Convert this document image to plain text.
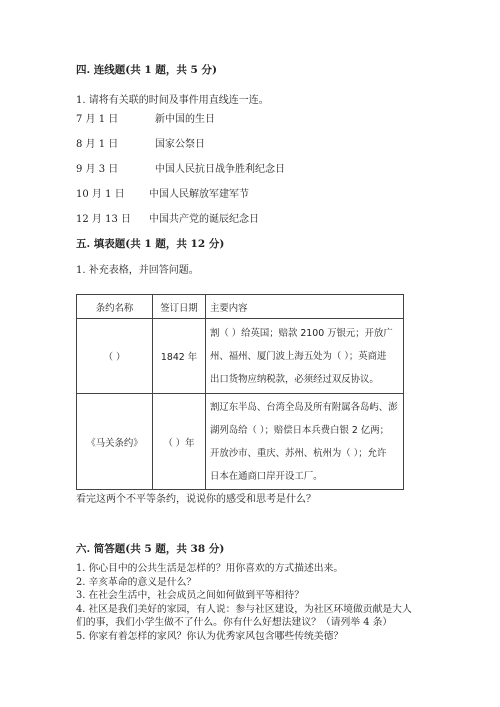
四. 连线题(共 1 题，共 5 分)
1. 请将有关联的时间及事件用直线连一连。
7 月 1 日	新中国的生日
8 月 1 日	国家公祭日
9 月 3 日	中国人民抗日战争胜利纪念日
10 月 1 日 中国人民解放军建军节
12 月 13 日 中国共产党的诞辰纪念日
五. 填表题(共 1 题，共 12 分)
1. 补充表格，并回答问题。
条约名称	签订日期	主要内容
（ ）	1842 年	割（ ）给英国；赔款 2100 万银元；开放广
州、福州、厦门波上海五处为（ ）；英商进
出口货物应纳税款，必须经过双反协议。

《马关条约》	（ ）年	割辽东半岛、台湾全岛及所有附属各岛屿、澎
湖列岛给（ ）；赔偿日本兵费白银 2 亿两；
开放沙市、重庆、苏州、杭州为（ ）；允许
日本在通商口岸开设工厂。
看完这两个不平等条约，说说你的感受和思考是什么？
六. 简答题(共 5 题，共 38 分)
1. 你心目中的公共生活是怎样的？用你喜欢的方式描述出来。
2. 辛亥革命的意义是什么？
3. 在社会生活中，社会成员之间如何做到平等相待？
4. 社区是我们美好的家园，有人说：参与社区建设，为社区环境做贡献是大人
们的事，我们小学生做不了什么。你有什么好想法建议？（请列举 4 条）
5. 你家有着怎样的家风？你认为优秀家风包含哪些传统美德？
